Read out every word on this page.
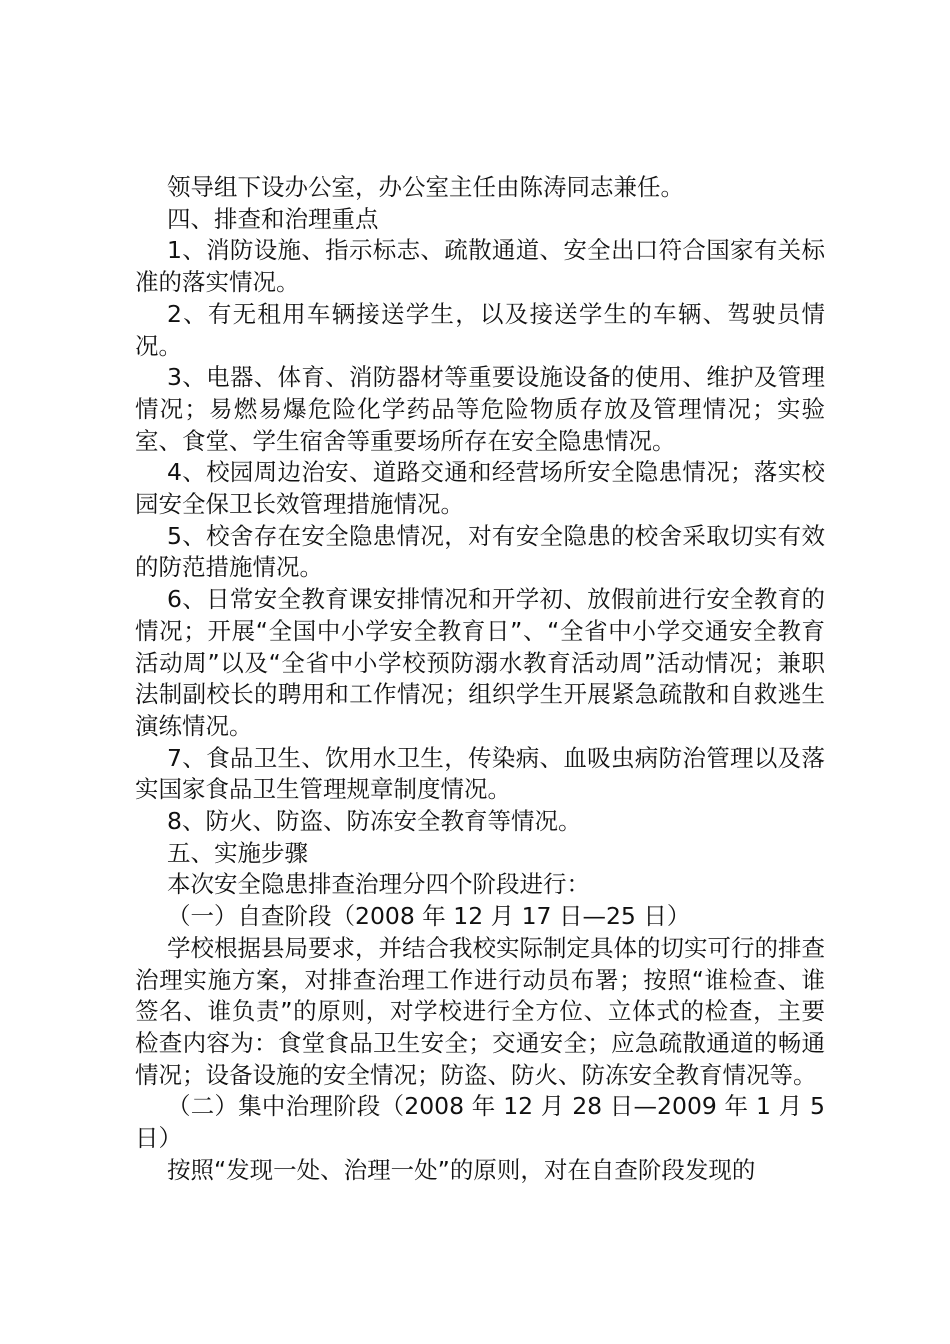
领导组下设办公室，办公室主任由陈涛同志兼任。

四、排查和治理重点

1、消防设施、指示标志、疏散通道、安全出口符合国家有关标准的落实情况。

2、有无租用车辆接送学生，以及接送学生的车辆、驾驶员情况。

3、电器、体育、消防器材等重要设施设备的使用、维护及管理情况；易燃易爆危险化学药品等危险物质存放及管理情况；实验室、食堂、学生宿舍等重要场所存在安全隐患情况。

4、校园周边治安、道路交通和经营场所安全隐患情况；落实校园安全保卫长效管理措施情况。

5、校舍存在安全隐患情况，对有安全隐患的校舍采取切实有效的防范措施情况。

6、日常安全教育课安排情况和开学初、放假前进行安全教育的情况；开展“全国中小学安全教育日”、“全省中小学交通安全教育活动周”以及“全省中小学校预防溺水教育活动周”活动情况；兼职法制副校长的聘用和工作情况；组织学生开展紧急疏散和自救逃生演练情况。

7、食品卫生、饮用水卫生，传染病、血吸虫病防治管理以及落实国家食品卫生管理规章制度情况。

8、防火、防盗、防冻安全教育等情况。

五、实施步骤

本次安全隐患排查治理分四个阶段进行：

（一）自查阶段（2008 年 12 月 17 日—25 日）

学校根据县局要求，并结合我校实际制定具体的切实可行的排查治理实施方案，对排查治理工作进行动员布署；按照“谁检查、谁签名、谁负责”的原则，对学校进行全方位、立体式的检查，主要检查内容为：食堂食品卫生安全；交通安全；应急疏散通道的畅通情况；设备设施的安全情况；防盗、防火、防冻安全教育情况等。

（二）集中治理阶段（2008 年 12 月 28 日—2009 年 1 月 5 日）

按照“发现一处、治理一处”的原则，对在自查阶段发现的
